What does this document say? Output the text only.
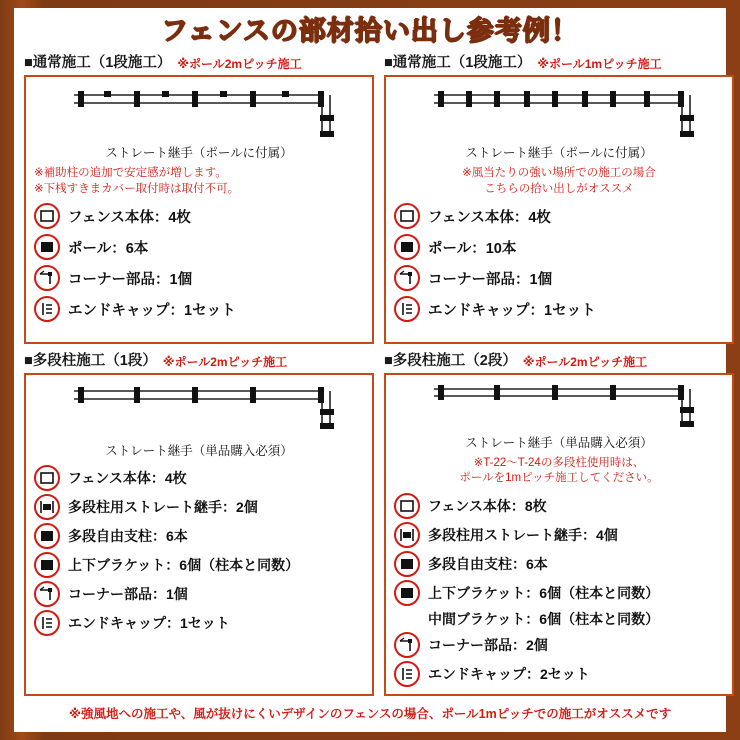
フェンスの部材拾い出し参考例！
■通常施工（1段施工） ※ポール2mピッチ施工
ストレート継手（ポールに付属）
※補助柱の追加で安定感が増します。
※下桟すきまカバー取付時は取付不可。
フェンス本体：4枚
ポール：6本
コーナー部品：1個
エンドキャップ：1セット
■通常施工（1段施工） ※ポール1mピッチ施工
ストレート継手（ポールに付属）
※風当たりの強い場所での施工の場合
こちらの拾い出しがオススメ
フェンス本体：4枚
ポール：10本
コーナー部品：1個
エンドキャップ：1セット
■多段柱施工（1段） ※ポール2mピッチ施工
ストレート継手（単品購入必須）
フェンス本体：4枚
多段柱用ストレート継手：2個
多段自由支柱：6本
上下ブラケット：6個（柱本と同数）
コーナー部品：1個
エンドキャップ：1セット
■多段柱施工（2段） ※ポール2mピッチ施工
ストレート継手（単品購入必須）
※T-22～T-24の多段柱使用時は、
ポールを1mピッチ施工してください。
フェンス本体：8枚
多段柱用ストレート継手：4個
多段自由支柱：6本
上下ブラケット：6個（柱本と同数）
中間ブラケット：6個（柱本と同数）
コーナー部品：2個
エンドキャップ：2セット
※強風地への施工や、風が抜けにくいデザインのフェンスの場合、ポール1mピッチでの施工がオススメです
